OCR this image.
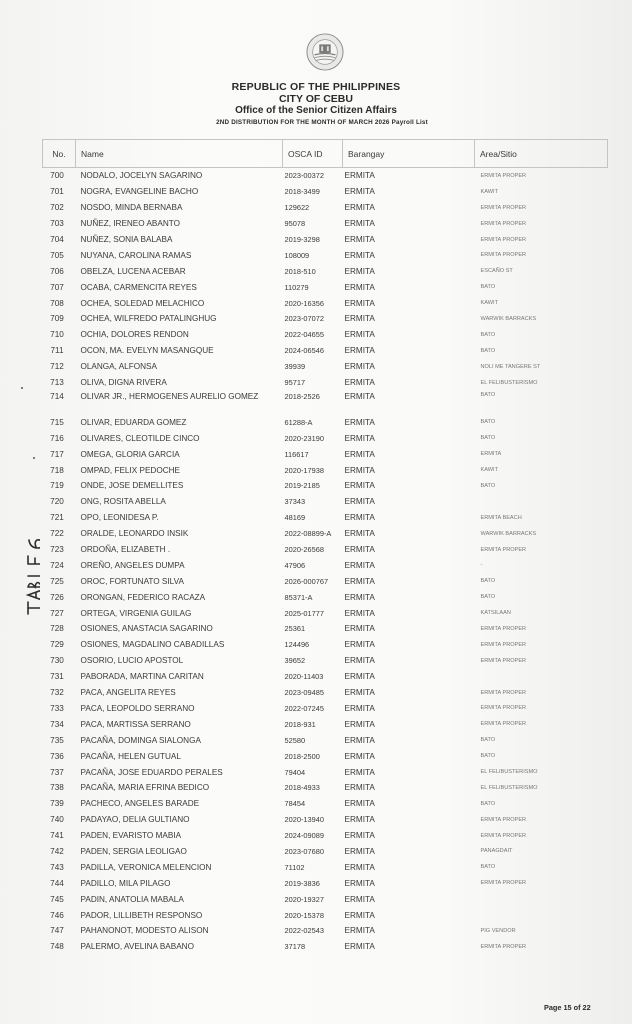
REPUBLIC OF THE PHILIPPINES
CITY OF CEBU
Office of the Senior Citizen Affairs
2ND DISTRIBUTION FOR THE MONTH OF MARCH 2026 Payroll List
No.	Name	OSCA ID	Barangay	Area/Sitio
700	NODALO, JOCELYN SAGARINO	2023-00372	ERMITA	ERMITA PROPER
701	NOGRA, EVANGELINE BACHO	2018-3499	ERMITA	KAWIT
702	NOSDO, MINDA BERNABA	129622	ERMITA	ERMITA PROPER
703	NUÑEZ, IRENEO ABANTO	95078	ERMITA	ERMITA PROPER
704	NUÑEZ, SONIA BALABA	2019-3298	ERMITA	ERMITA PROPER
705	NUYANA, CAROLINA RAMAS	108009	ERMITA	ERMITA PROPER
706	OBELZA, LUCENA ACEBAR	2018-510	ERMITA	ESCAÑO ST
707	OCABA, CARMENCITA REYES	110279	ERMITA	BATO
708	OCHEA, SOLEDAD MELACHICO	2020-16356	ERMITA	KAWIT
709	OCHEA, WILFREDO PATALINGHUG	2023-07072	ERMITA	WARWIK BARRACKS
710	OCHIA, DOLORES RENDON	2022-04655	ERMITA	BATO
711	OCON, MA. EVELYN MASANGQUE	2024-06546	ERMITA	BATO
712	OLANGA, ALFONSA	39939	ERMITA	NOLI ME TANGERE ST
713	OLIVA, DIGNA RIVERA	95717	ERMITA	EL FELIBUSTERISMO
714	OLIVAR JR., HERMOGENES AURELIO GOMEZ	2018-2526	ERMITA	BATO
715	OLIVAR, EDUARDA GOMEZ	61288-A	ERMITA	BATO
716	OLIVARES, CLEOTILDE CINCO	2020-23190	ERMITA	BATO
717	OMEGA, GLORIA GARCIA	116617	ERMITA	ERMITA
718	OMPAD, FELIX PEDOCHE	2020-17938	ERMITA	KAWIT
719	ONDE, JOSE DEMELLITES	2019-2185	ERMITA	BATO
720	ONG, ROSITA ABELLA	37343	ERMITA	
721	OPO, LEONIDESA P.	48169	ERMITA	ERMITA BEACH
722	ORALDE, LEONARDO INSIK	2022-08899-A	ERMITA	WARWIK BARRACKS
723	ORDOÑA, ELIZABETH .	2020-26568	ERMITA	ERMITA PROPER
724	OREÑO, ANGELES DUMPA	47906	ERMITA	-
725	OROC, FORTUNATO SILVA	2026-000767	ERMITA	BATO
726	ORONGAN, FEDERICO RACAZA	85371-A	ERMITA	BATO
727	ORTEGA, VIRGENIA GUILAG	2025-01777	ERMITA	KATSILAAN
728	OSIONES, ANASTACIA SAGARINO	25361	ERMITA	ERMITA PROPER
729	OSIONES, MAGDALINO CABADILLAS	124496	ERMITA	ERMITA PROPER
730	OSORIO, LUCIO APOSTOL	39652	ERMITA	ERMITA PROPER
731	PABORADA, MARTINA CARITAN	2020-11403	ERMITA	
732	PACA, ANGELITA REYES	2023-09485	ERMITA	ERMITA PROPER
733	PACA, LEOPOLDO SERRANO	2022-07245	ERMITA	ERMITA PROPER
734	PACA, MARTISSA SERRANO	2018-931	ERMITA	ERMITA PROPER
735	PACAÑA, DOMINGA SIALONGA	52580	ERMITA	BATO
736	PACAÑA, HELEN GUTUAL	2018-2500	ERMITA	BATO
737	PACAÑA, JOSE EDUARDO PERALES	79404	ERMITA	EL FELIBUSTERISMO
738	PACAÑA, MARIA EFRINA BEDICO	2018-4933	ERMITA	EL FELIBUSTERISMO
739	PACHECO, ANGELES BARADE	78454	ERMITA	BATO
740	PADAYAO, DELIA GULTIANO	2020-13940	ERMITA	ERMITA PROPER
741	PADEN, EVARISTO MABIA	2024-09089	ERMITA	ERMITA PROPER
742	PADEN, SERGIA LEOLIGAO	2023-07680	ERMITA	PANAGDAIT
743	PADILLA, VERONICA MELENCION	71102	ERMITA	BATO
744	PADILLO, MILA PILAGO	2019-3836	ERMITA	ERMITA PROPER
745	PADIN, ANATOLIA MABALA	2020-19327	ERMITA	
746	PADOR, LILLIBETH RESPONSO	2020-15378	ERMITA	
747	PAHANONOT, MODESTO ALISON	2022-02543	ERMITA	PIG VENDOR
748	PALERMO, AVELINA BABANO	37178	ERMITA	ERMITA PROPER
Page 15 of 22
